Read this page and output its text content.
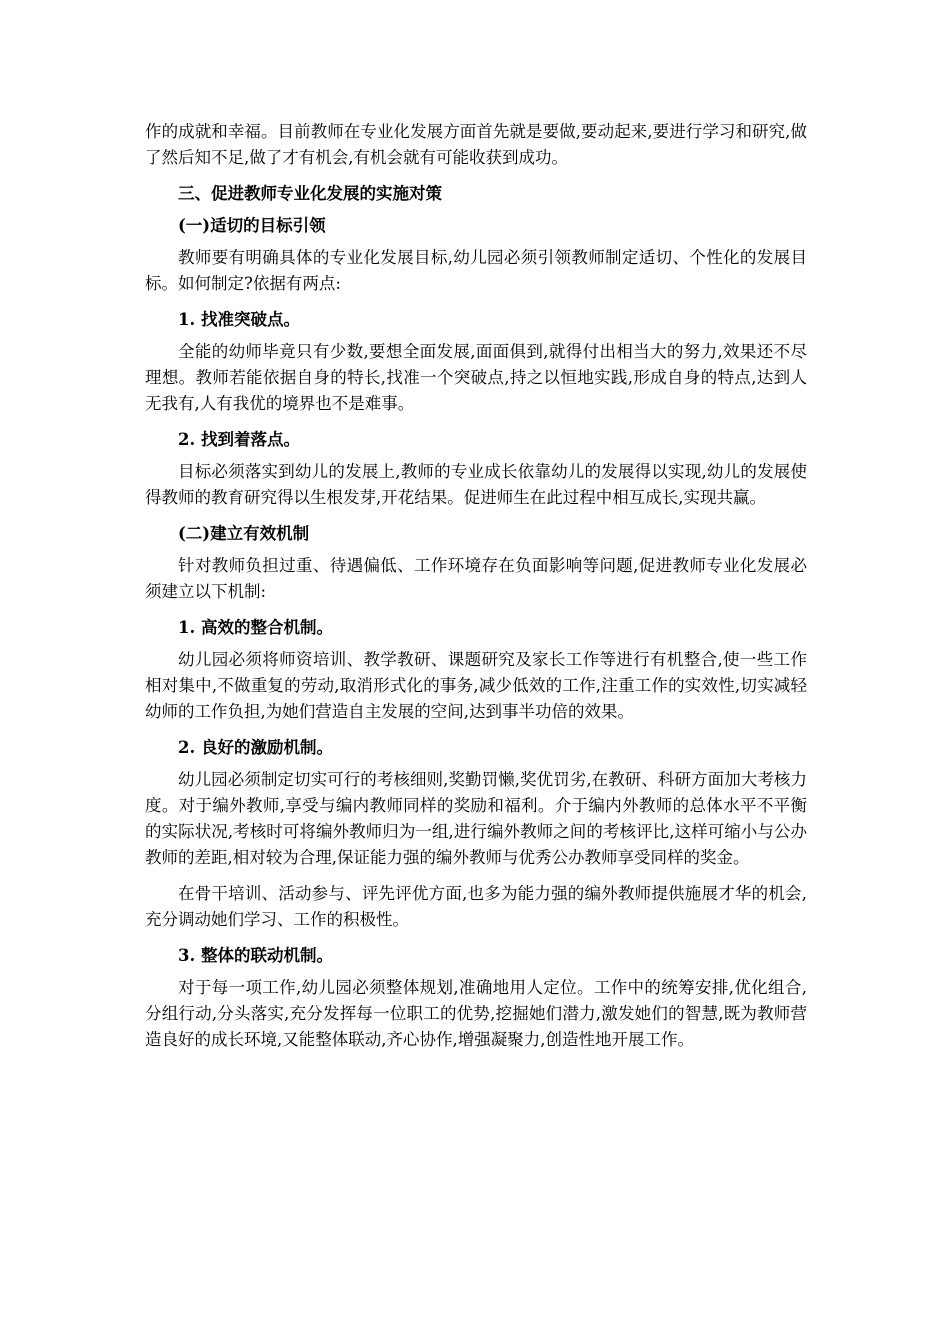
作的成就和幸福。目前教师在专业化发展方面首先就是要做,要动起来,要进行学习和研究,做了然后知不足,做了才有机会,有机会就有可能收获到成功。

三、促进教师专业化发展的实施对策

(一)适切的目标引领

教师要有明确具体的专业化发展目标,幼儿园必须引领教师制定适切、个性化的发展目标。如何制定?依据有两点:

1. 找准突破点。

全能的幼师毕竟只有少数,要想全面发展,面面俱到,就得付出相当大的努力,效果还不尽理想。教师若能依据自身的特长,找准一个突破点,持之以恒地实践,形成自身的特点,达到人无我有,人有我优的境界也不是难事。

2. 找到着落点。

目标必须落实到幼儿的发展上,教师的专业成长依靠幼儿的发展得以实现,幼儿的发展使得教师的教育研究得以生根发芽,开花结果。促进师生在此过程中相互成长,实现共赢。

(二)建立有效机制

针对教师负担过重、待遇偏低、工作环境存在负面影响等问题,促进教师专业化发展必须建立以下机制:

1. 高效的整合机制。

幼儿园必须将师资培训、教学教研、课题研究及家长工作等进行有机整合,使一些工作相对集中,不做重复的劳动,取消形式化的事务,减少低效的工作,注重工作的实效性,切实减轻幼师的工作负担,为她们营造自主发展的空间,达到事半功倍的效果。

2. 良好的激励机制。

幼儿园必须制定切实可行的考核细则,奖勤罚懒,奖优罚劣,在教研、科研方面加大考核力度。对于编外教师,享受与编内教师同样的奖励和福利。介于编内外教师的总体水平不平衡的实际状况,考核时可将编外教师归为一组,进行编外教师之间的考核评比,这样可缩小与公办教师的差距,相对较为合理,保证能力强的编外教师与优秀公办教师享受同样的奖金。

在骨干培训、活动参与、评先评优方面,也多为能力强的编外教师提供施展才华的机会,充分调动她们学习、工作的积极性。

3. 整体的联动机制。

对于每一项工作,幼儿园必须整体规划,准确地用人定位。工作中的统筹安排,优化组合,分组行动,分头落实,充分发挥每一位职工的优势,挖掘她们潜力,激发她们的智慧,既为教师营造良好的成长环境,又能整体联动,齐心协作,增强凝聚力,创造性地开展工作。
